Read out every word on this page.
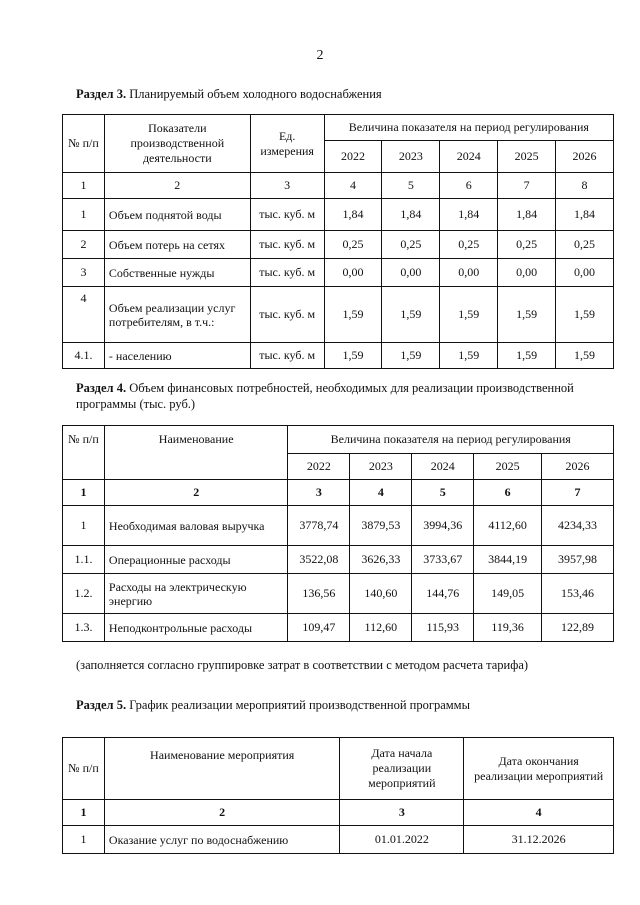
2
Раздел 3. Планируемый объем холодного водоснабжения
№ п/п	Показатели производственной деятельности	Ед. измерения	Величина показателя на период регулирования				
			2022	2023	2024	2025	2026
1	2	3	4	5	6	7	8
1	Объем поднятой воды	тыс. куб. м	1,84	1,84	1,84	1,84	1,84
2	Объем потерь на сетях	тыс. куб. м	0,25	0,25	0,25	0,25	0,25
3	Собственные нужды	тыс. куб. м	0,00	0,00	0,00	0,00	0,00
4	Объем реализации услуг потребителям, в т.ч.:	тыс. куб. м	1,59	1,59	1,59	1,59	1,59
4.1.	- населению	тыс. куб. м	1,59	1,59	1,59	1,59	1,59
Раздел 4. Объем финансовых потребностей, необходимых для реализации производственной программы (тыс. руб.)
№ п/п	Наименование	Величина показателя на период регулирования				
		2022	2023	2024	2025	2026
1	2	3	4	5	6	7
1	Необходимая валовая выручка	3778,74	3879,53	3994,36	4112,60	4234,33
1.1.	Операционные расходы	3522,08	3626,33	3733,67	3844,19	3957,98
1.2.	Расходы на электрическую энергию	136,56	140,60	144,76	149,05	153,46
1.3.	Неподконтрольные расходы	109,47	112,60	115,93	119,36	122,89
(заполняется согласно группировке затрат в соответствии с методом расчета тарифа)
Раздел 5. График реализации мероприятий производственной программы
№ п/п	Наименование мероприятия	Дата начала реализации мероприятий	Дата окончания реализации мероприятий
1	2	3	4
1	Оказание услуг по водоснабжению	01.01.2022	31.12.2026
